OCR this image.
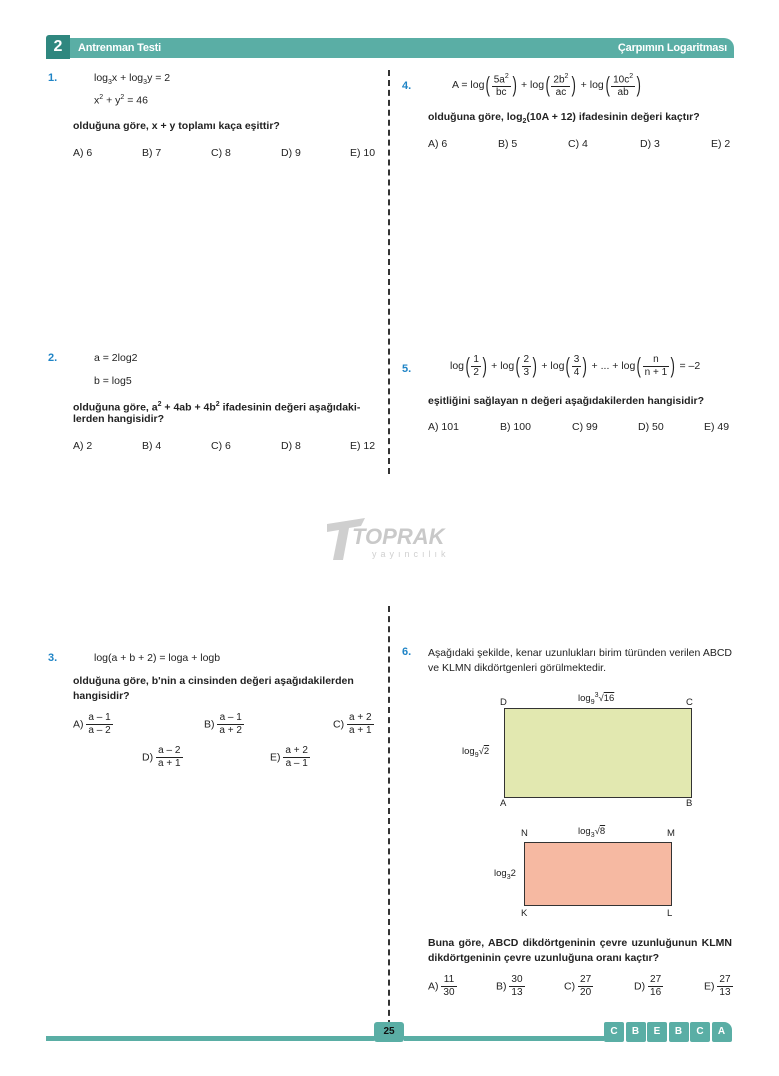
2	Antrenman Testi	Çarpımın Logaritması
1.	$\log_3x + \log_3y = 2$
$x^2 + y^2 = 46$
olduğuna göre, x + y toplamı kaça eşittir?
A) 6	B) 7	C) 8	D) 9	E) 10
2.	a = 2log2
b = log5
olduğuna göre, $a^2 + 4ab + 4b^2$ ifadesinin değeri aşağıdaki-
lerden hangisidir?
A) 2	B) 4	C) 6	D) 8	E) 12
4.	$A = \log( \frac{5a^2}{bc}$ ) + $\log( \frac{2b^2}{ac}$ ) + $\log( \frac{10c^2}{ab}$ )
olduğuna göre, $\log_2(10A + 12)$ ifadesinin değeri kaçtır?
A) 6	B) 5	C) 4	D) 3	E) 2
5.	$\log( \frac{1}{2}$ ) + $\log( \frac{2}{3}$ ) + $\log( \frac{3}{4}$ ) + ... + $\log( \frac{n}{n + 1}$ ) = –2
eşitliğini sağlayan n değeri aşağıdakilerden hangisidir?
A) 101	B) 100	C) 99	D) 50	E) 49
TOPRAK
yayıncılık
3.	log(a + b + 2) = loga + logb
olduğuna göre, b'nin a cinsinden değeri aşağıdakilerden hangisidir?
$A) \frac{a - 1}{a - 2}$	$B) \frac{a - 1}{a + 2}$	$C) \frac{a + 2}{a + 1}$
$D) \frac{a - 2}{a + 1}$	$E) \frac{a + 2}{a - 1}$
6. Aşağıdaki şekilde, kenar uzunlukları birim türünden verilen ABCD ve KLMN dikdörtgenleri görülmektedir.
D	C
$\log_9^3√16$
$\log_9√2$
A	B
N	M
$\log_3√8$
$\log_32$
K	L
Buna göre, ABCD dikdörtgeninin çevre uzunluğunun KLMN dikdörtgeninin çevre uzunluğuna oranı kaçtır?
$A) \frac{11}{30}$	$B) \frac{30}{13}$	$C) \frac{27}{20}$	$D) \frac{27}{16}$	$E) \frac{27}{13}$
25	C	B	E	B	C	A
